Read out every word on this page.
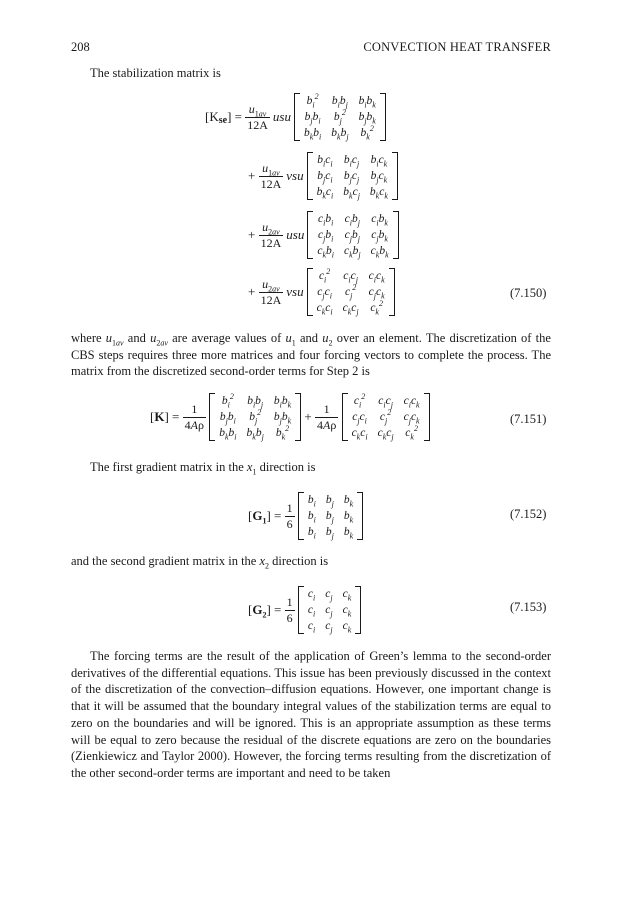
208	CONVECTION HEAT TRANSFER
The stabilization matrix is
$[Kse] = \frac{u_{1av}}{12A}$ usu
$b_i^2$	$b_ib_j$	$b_ib_k$
$b_jb_i$	$b_j^2$	$b_jb_k$
$b_kb_i$	$b_kb_j$	$b_k^2$
+ $\frac{u_{1av}}{12A}$ vsu
$b_ic_i$	$b_ic_j$	$b_ic_k$
$b_jc_i$	$b_jc_j$	$b_jc_k$
$b_kc_i$	$b_kc_j$	$b_kc_k$
+ $\frac{u_{2av}}{12A}$ usu
$c_ib_i$	$c_ib_j$	$c_ib_k$
$c_jb_i$	$c_jb_j$	$c_jb_k$
$c_kb_i$	$c_kb_j$	$c_kb_k$
+ $\frac{u_{2av}}{12A}$ vsu
$c_i^2$	$c_ic_j$	$c_ic_k$
$c_jc_i$	$c_j^2$	$c_jc_k$
$c_kc_i$	$c_kc_j$	$c_k^2$
(7.150)
where $u_{1av}$ and $u_{2av}$ are average values of $u_1$ and $u_2$ over an element. The discretization of the CBS steps requires three more matrices and four forcing vectors to complete the process. The matrix from the discretized second-order terms for Step 2 is
$[K] = \frac{1}{4A\rho}$

$b_i^2$	$b_ib_j$	$b_ib_k$
$b_jb_i$	$b_j^2$	$b_jb_k$
$b_kb_i$	$b_kb_j$	$b_k^2$
+ $\frac{1}{4A\rho}$

$c_i^2$	$c_ic_j$	$c_ic_k$
$c_jc_i$	$c_j^2$	$c_jc_k$
$c_kc_i$	$c_kc_j$	$c_k^2$
(7.151)
The first gradient matrix in the $x_1$ direction is
$[G_1] = \frac{1}{6}$

$b_i$	$b_j$	$b_k$
$b_i$	$b_j$	$b_k$
$b_i$	$b_j$	$b_k$
(7.152)
and the second gradient matrix in the $x_2$ direction is
$[G_2] = \frac{1}{6}$

$c_i$	$c_j$	$c_k$
$c_i$	$c_j$	$c_k$
$c_i$	$c_j$	$c_k$
(7.153)
The forcing terms are the result of the application of Green’s lemma to the second-order derivatives of the differential equations. This issue has been previously discussed in the context of the discretization of the convection–diffusion equations. However, one important change is that it will be assumed that the boundary integral values of the stabilization terms are equal to zero on the boundaries and will be ignored. This is an appropriate assumption as these terms will be equal to zero because the residual of the discrete equations are zero on the boundaries (Zienkiewicz and Taylor 2000). However, the forcing terms resulting from the discretization of the other second-order terms are important and need to be taken
